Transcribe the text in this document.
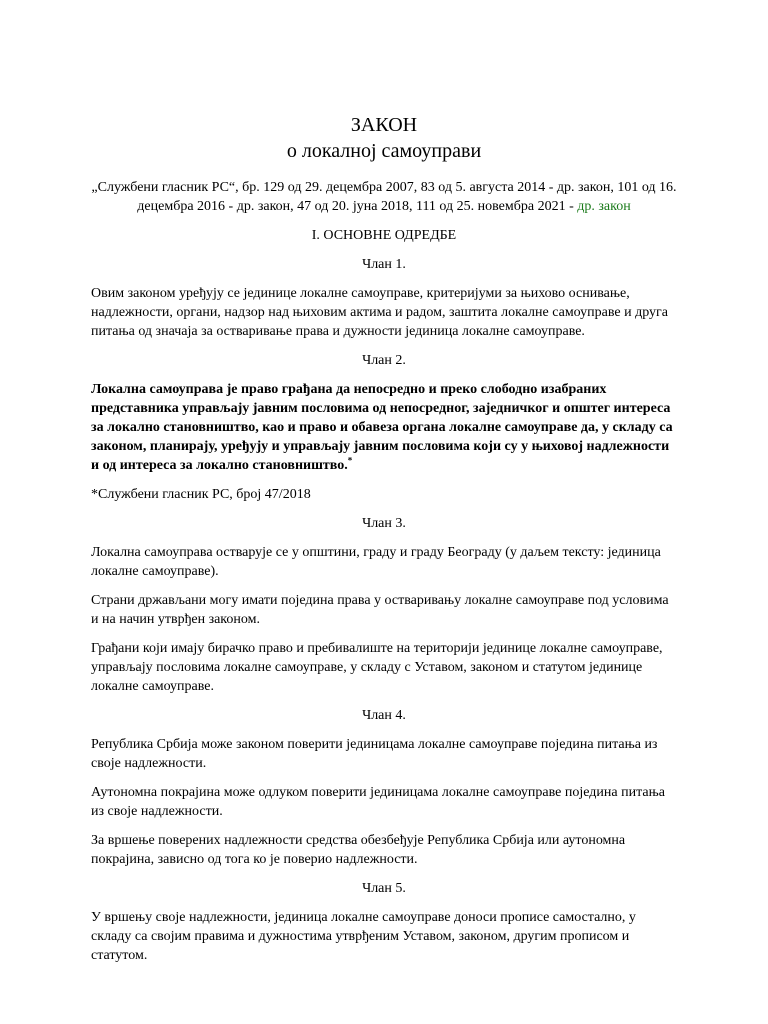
ЗАКОН
о локалној самоуправи

„Службени гласник РС“, бр. 129 од 29. децембра 2007, 83 од 5. августа 2014 - др. закон, 101 од 16. децембра 2016 - др. закон, 47 од 20. јуна 2018, 111 од 25. новембра 2021 - др. закон

I. ОСНОВНЕ ОДРЕДБЕ
Члан 1.

Овим законом уређују се јединице локалне самоуправе, критеријуми за њихово оснивање, надлежности, органи, надзор над њиховим актима и радом, заштита локалне самоуправе и друга питања од значаја за остваривање права и дужности јединица локалне самоуправе.

Члан 2.

Локална самоуправа је право грађана да непосредно и преко слободно изабраних представника управљају јавним пословима од непосредног, заједничког и општег интереса за локално становништво, као и право и обавеза органа локалне самоуправе да, у складу са законом, планирају, уређују и управљају јавним пословима који су у њиховој надлежности и од интереса за локално становништво.*

*Службени гласник РС, број 47/2018

Члан 3.

Локална самоуправа остварује се у општини, граду и граду Београду (у даљем тексту: јединица локалне самоуправе).

Страни држављани могу имати поједина права у остваривању локалне самоуправе под условима и на начин утврђен законом.

Грађани који имају бирачко право и пребивалиште на територији јединице локалне самоуправе, управљају пословима локалне самоуправе, у складу с Уставом, законом и статутом јединице локалне самоуправе.

Члан 4.

Република Србија може законом поверити јединицама локалне самоуправе поједина питања из своје надлежности.

Аутономна покрајина може одлуком поверити јединицама локалне самоуправе поједина питања из своје надлежности.

За вршење поверених надлежности средства обезбеђује Република Србија или аутономна покрајина, зависно од тога ко је поверио надлежности.

Члан 5.

У вршењу своје надлежности, јединица локалне самоуправе доноси прописе самостално, у складу са својим правима и дужностима утврђеним Уставом, законом, другим прописом и статутом.
